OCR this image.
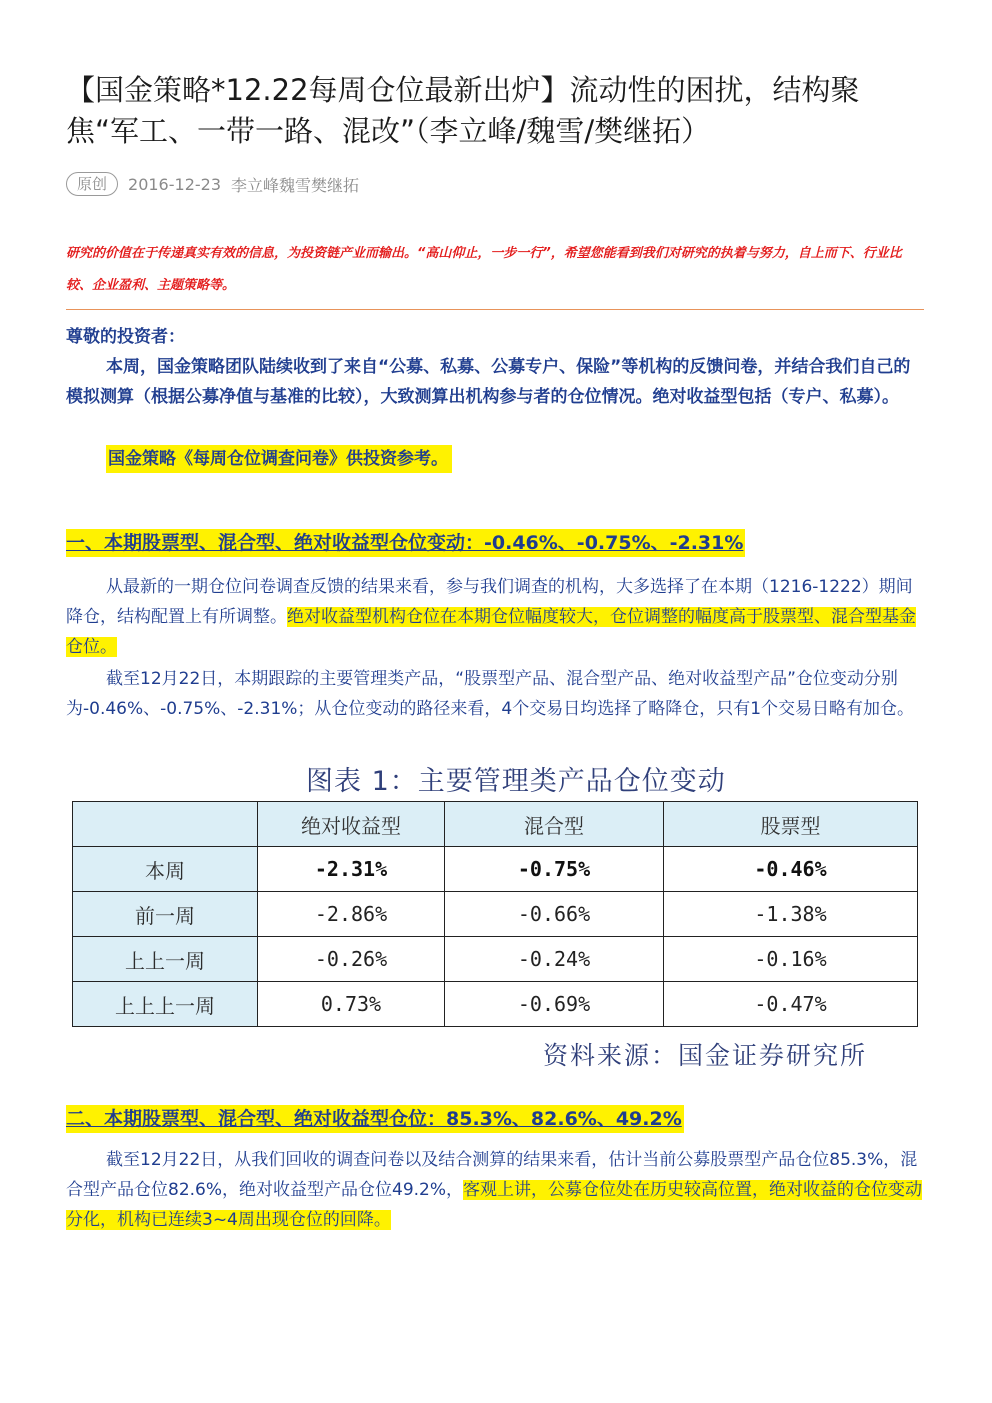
【国金策略*12.22每周仓位最新出炉】流动性的困扰，结构聚焦“军工、一带一路、混改”（李立峰/魏雪/樊继拓）
原创	2016-12-23 李立峰魏雪樊继拓
研究的价值在于传递真实有效的信息，为投资链产业而输出。“高山仰止，一步一行”，希望您能看到我们对研究的执着与努力，自上而下、行业比较、企业盈利、主题策略等。
尊敬的投资者：

本周，国金策略团队陆续收到了来自“公募、私募、公募专户、保险”等机构的反馈问卷，并结合我们自己的模拟测算（根据公募净值与基准的比较），大致测算出机构参与者的仓位情况。绝对收益型包括（专户、私募）。

国金策略《每周仓位调查问卷》供投资参考。
一、本期股票型、混合型、绝对收益型仓位变动：-0.46%、-0.75%、-2.31%

从最新的一期仓位问卷调查反馈的结果来看，参与我们调查的机构，大多选择了在本期（1216-1222）期间降仓，结构配置上有所调整。绝对收益型机构仓位在本期仓位幅度较大，仓位调整的幅度高于股票型、混合型基金仓位。

截至12月22日，本期跟踪的主要管理类产品，“股票型产品、混合型产品、绝对收益型产品”仓位变动分别为-0.46%、-0.75%、-2.31%；从仓位变动的路径来看，4个交易日均选择了略降仓，只有1个交易日略有加仓。

图表 1：主要管理类产品仓位变动
	绝对收益型	混合型	股票型
本周	-2.31%	-0.75%	-0.46%
前一周	-2.86%	-0.66%	-1.38%
上上一周	-0.26%	-0.24%	-0.16%
上上上一周	0.73%	-0.69%	-0.47%
资料来源：国金证券研究所
二、本期股票型、混合型、绝对收益型仓位：85.3%、82.6%、49.2%

截至12月22日，从我们回收的调查问卷以及结合测算的结果来看，估计当前公募股票型产品仓位85.3%，混合型产品仓位82.6%，绝对收益型产品仓位49.2%，客观上讲，公募仓位处在历史较高位置，绝对收益的仓位变动分化，机构已连续3~4周出现仓位的回降。
